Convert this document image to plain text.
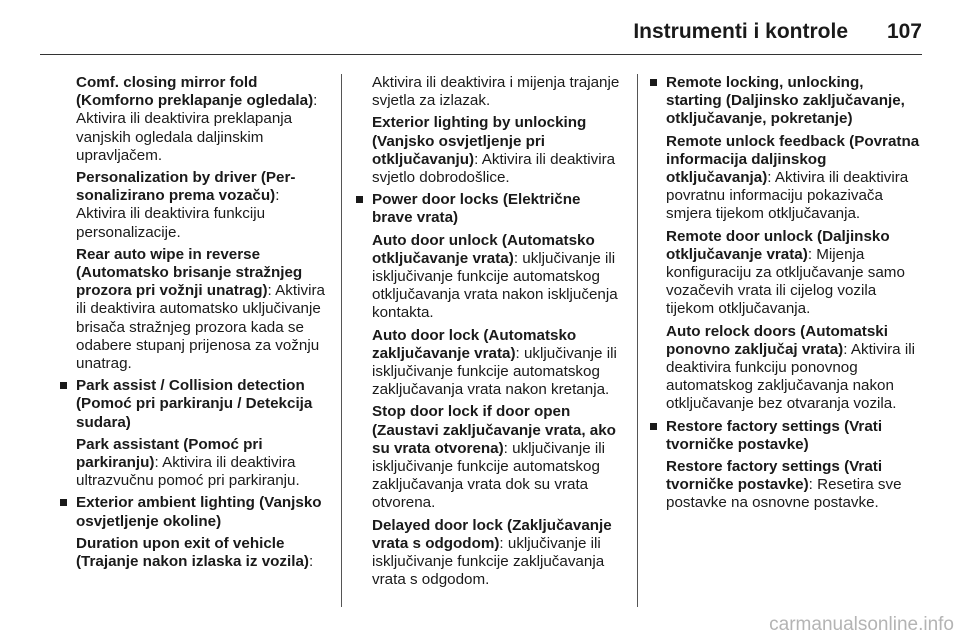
Instrumenti i kontrole 107
Comf. closing mirror fold (Komforno preklapanje ogledala): Aktivira ili deaktivira preklapanja vanjskih ogledala daljinskim upravljačem.
Personalization by driver (Per-sonalizirano prema vozaču): Aktivira ili deaktivira funkciju personalizacije.
Rear auto wipe in reverse (Automatsko brisanje stražnjeg prozora pri vožnji unatrag): Aktivira ili deaktivira automatsko uključivanje brisača stražnjeg prozora kada se odabere stupanj prijenosa za vožnju unatrag.
Park assist / Collision detection (Pomoć pri parkiranju / Detekcija sudara)
Park assistant (Pomoć pri parkiranju): Aktivira ili deaktivira ultrazvučnu pomoć pri parkiranju.
Exterior ambient lighting (Vanjsko osvjetljenje okoline)
Duration upon exit of vehicle (Trajanje nakon izlaska iz vozila):
Aktivira ili deaktivira i mijenja trajanje svjetla za izlazak.
Exterior lighting by unlocking (Vanjsko osvjetljenje pri otključavanju): Aktivira ili deaktivira svjetlo dobrodošlice.
Power door locks (Električne brave vrata)
Auto door unlock (Automatsko otključavanje vrata): uključivanje ili isključivanje funkcije automatskog otključavanja vrata nakon isključenja kontakta.
Auto door lock (Automatsko zaključavanje vrata): uključivanje ili isključivanje funkcije automatskog zaključavanja vrata nakon kretanja.
Stop door lock if door open (Zaustavi zaključavanje vrata, ako su vrata otvorena): uključivanje ili isključivanje funkcije automatskog zaključavanja vrata dok su vrata otvorena.
Delayed door lock (Zaključavanje vrata s odgodom): uključivanje ili isključivanje funkcije zaključavanja vrata s odgodom.
Remote locking, unlocking, starting (Daljinsko zaključavanje, otključavanje, pokretanje)
Remote unlock feedback (Povratna informacija daljinskog otključavanja): Aktivira ili deaktivira povratnu informaciju pokazivača smjera tijekom otključavanja.
Remote door unlock (Daljinsko otključavanje vrata): Mijenja konfiguraciju za otključavanje samo vozačevih vrata ili cijelog vozila tijekom otključavanja.
Auto relock doors (Automatski ponovno zaključaj vrata): Aktivira ili deaktivira funkciju ponovnog automatskog zaključavanja nakon otključavanje bez otvaranja vozila.
Restore factory settings (Vrati tvorničke postavke)
Restore factory settings (Vrati tvorničke postavke): Resetira sve postavke na osnovne postavke.
carmanualsonline.info
